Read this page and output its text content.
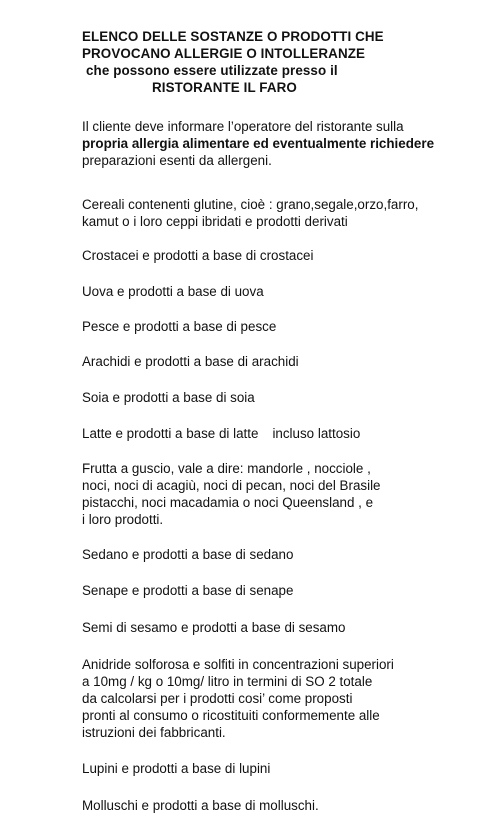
ELENCO DELLE SOSTANZE O PRODOTTI CHE
PROVOCANO ALLERGIE O INTOLLERANZE
che possono essere utilizzate presso il
RISTORANTE IL FARO
Il cliente deve informare l’operatore del ristorante sulla
propria allergia alimentare ed eventualmente richiedere
preparazioni esenti da allergeni.
Cereali contenenti glutine, cioè : grano,segale,orzo,farro,
kamut o i loro ceppi ibridati e prodotti derivati
Crostacei e prodotti a base di crostacei
Uova e prodotti a base di uova
Pesce e prodotti a base di pesce
Arachidi e prodotti a base di arachidi
Soia e prodotti a base di soia
Latte e prodotti a base di latte incluso lattosio
Frutta a guscio, vale a dire: mandorle , nocciole ,
noci, noci di acagiù, noci di pecan, noci del Brasile
pistacchi, noci macadamia o noci Queensland , e
i loro prodotti.
Sedano e prodotti a base di sedano
Senape e prodotti a base di senape
Semi di sesamo e prodotti a base di sesamo
Anidride solforosa e solfiti in concentrazioni superiori
a 10mg / kg o 10mg/ litro in termini di SO 2 totale
da calcolarsi per i prodotti cosi’ come proposti
pronti al consumo o ricostituiti conformemente alle
istruzioni dei fabbricanti.
Lupini e prodotti a base di lupini
Molluschi e prodotti a base di molluschi.
